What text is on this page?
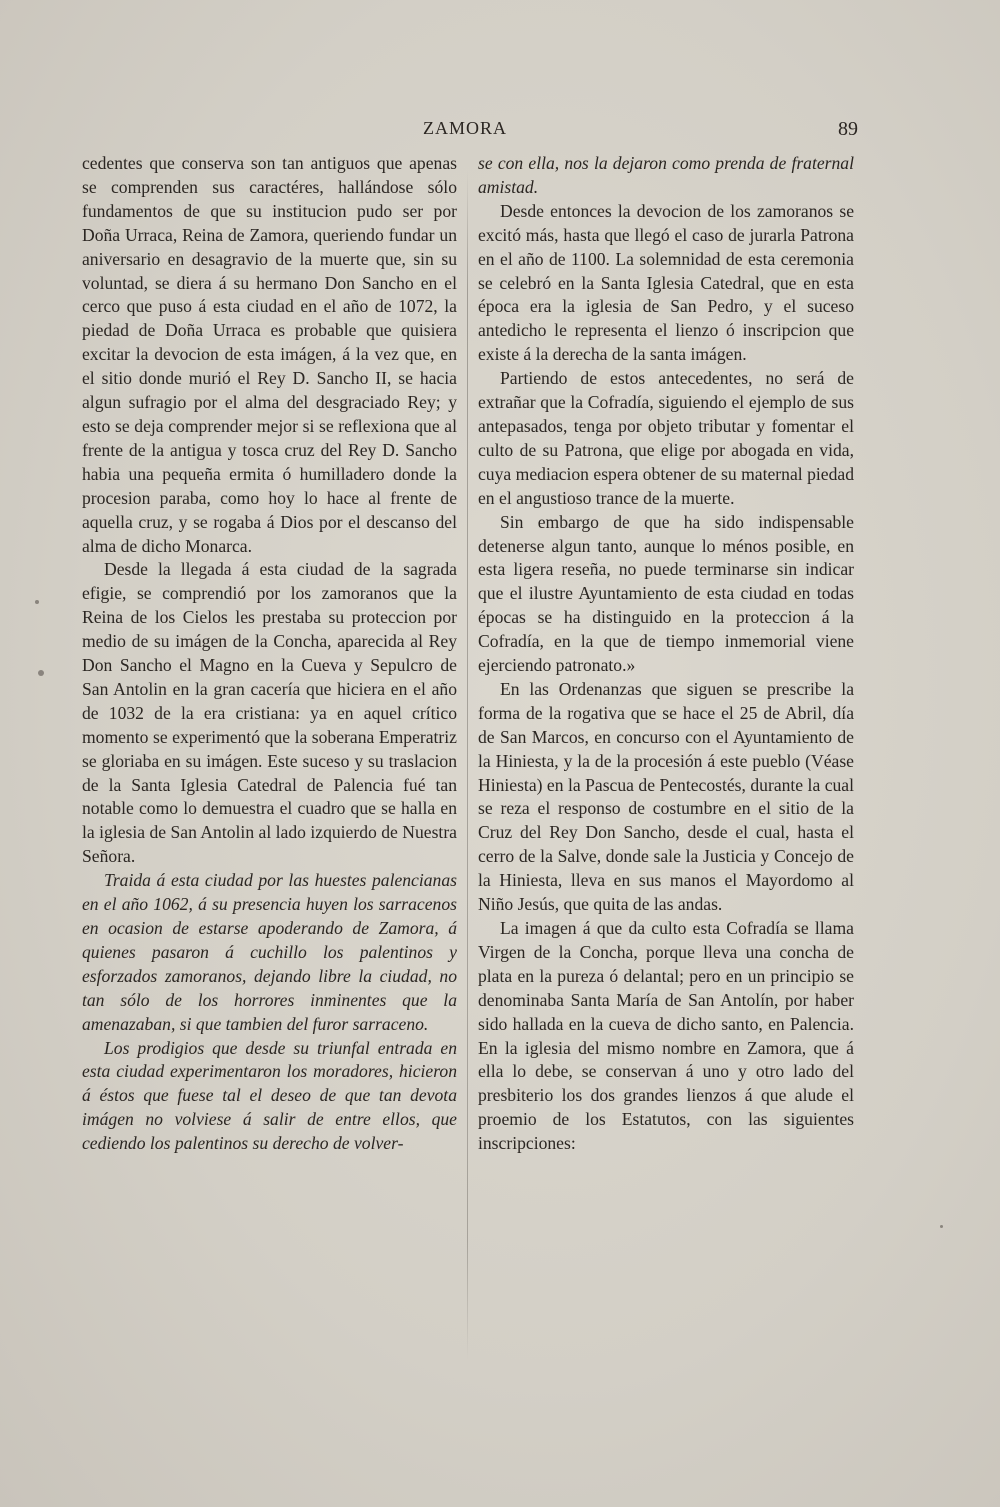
ZAMORA	89

cedentes que conserva son tan antiguos que apenas se comprenden sus caractéres, hallándose sólo fundamentos de que su institucion pudo ser por Doña Urraca, Reina de Zamora, queriendo fundar un aniversario en desagravio de la muerte que, sin su voluntad, se diera á su hermano Don Sancho en el cerco que puso á esta ciudad en el año de 1072, la piedad de Doña Urraca es probable que quisiera excitar la devocion de esta imágen, á la vez que, en el sitio donde murió el Rey D. Sancho II, se hacia algun sufragio por el alma del desgraciado Rey; y esto se deja comprender mejor si se reflexiona que al frente de la antigua y tosca cruz del Rey D. Sancho habia una pequeña ermita ó humilladero donde la procesion paraba, como hoy lo hace al frente de aquella cruz, y se rogaba á Dios por el descanso del alma de dicho Monarca.

Desde la llegada á esta ciudad de la sagrada efigie, se comprendió por los zamoranos que la Reina de los Cielos les prestaba su proteccion por medio de su imágen de la Concha, aparecida al Rey Don Sancho el Magno en la Cueva y Sepulcro de San Antolin en la gran cacería que hiciera en el año de 1032 de la era cristiana: ya en aquel crítico momento se experimentó que la soberana Emperatriz se gloriaba en su imágen. Este suceso y su traslacion de la Santa Iglesia Catedral de Palencia fué tan notable como lo demuestra el cuadro que se halla en la iglesia de San Antolin al lado izquierdo de Nuestra Señora.

Traida á esta ciudad por las huestes palencianas en el año 1062, á su presencia huyen los sarracenos en ocasion de estarse apoderando de Zamora, á quienes pasaron á cuchillo los palentinos y esforzados zamoranos, dejando libre la ciudad, no tan sólo de los horrores inminentes que la amenazaban, si que tambien del furor sarraceno.

Los prodigios que desde su triunfal entrada en esta ciudad experimentaron los moradores, hicieron á éstos que fuese tal el deseo de que tan devota imágen no volviese á salir de entre ellos, que cediendo los palentinos su derecho de volver-

se con ella, nos la dejaron como prenda de fraternal amistad.

Desde entonces la devocion de los zamoranos se excitó más, hasta que llegó el caso de jurarla Patrona en el año de 1100. La solemnidad de esta ceremonia se celebró en la Santa Iglesia Catedral, que en esta época era la iglesia de San Pedro, y el suceso antedicho le representa el lienzo ó inscripcion que existe á la derecha de la santa imágen.

Partiendo de estos antecedentes, no será de extrañar que la Cofradía, siguiendo el ejemplo de sus antepasados, tenga por objeto tributar y fomentar el culto de su Patrona, que elige por abogada en vida, cuya mediacion espera obtener de su maternal piedad en el angustioso trance de la muerte.

Sin embargo de que ha sido indispensable detenerse algun tanto, aunque lo ménos posible, en esta ligera reseña, no puede terminarse sin indicar que el ilustre Ayuntamiento de esta ciudad en todas épocas se ha distinguido en la proteccion á la Cofradía, en la que de tiempo inmemorial viene ejerciendo patronato.»

En las Ordenanzas que siguen se prescribe la forma de la rogativa que se hace el 25 de Abril, día de San Marcos, en concurso con el Ayuntamiento de la Hiniesta, y la de la procesión á este pueblo (Véase Hiniesta) en la Pascua de Pentecostés, durante la cual se reza el responso de costumbre en el sitio de la Cruz del Rey Don Sancho, desde el cual, hasta el cerro de la Salve, donde sale la Justicia y Concejo de la Hiniesta, lleva en sus manos el Mayordomo al Niño Jesús, que quita de las andas.

La imagen á que da culto esta Cofradía se llama Virgen de la Concha, porque lleva una concha de plata en la pureza ó delantal; pero en un principio se denominaba Santa María de San Antolín, por haber sido hallada en la cueva de dicho santo, en Palencia. En la iglesia del mismo nombre en Zamora, que á ella lo debe, se conservan á uno y otro lado del presbiterio los dos grandes lienzos á que alude el proemio de los Estatutos, con las siguientes inscripciones:
